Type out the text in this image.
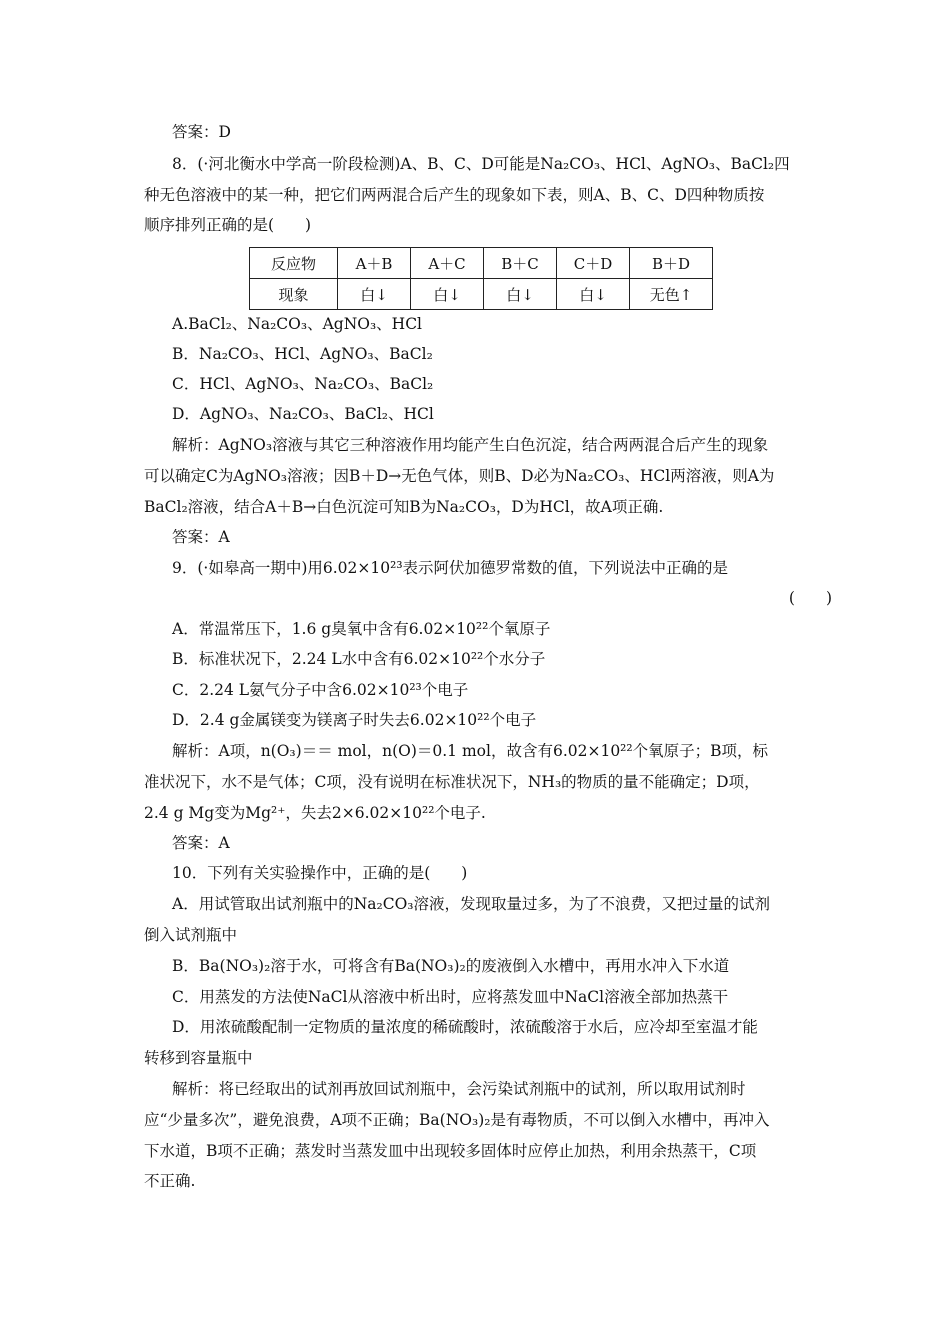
答案：D
8．(·河北衡水中学高一阶段检测)A、B、C、D可能是Na₂CO₃、HCl、AgNO₃、BaCl₂四
种无色溶液中的某一种，把它们两两混合后产生的现象如下表，则A、B、C、D四种物质按
顺序排列正确的是(　　)
反应物	A＋B	A＋C	B＋C	C＋D	B＋D
现象	白↓	白↓	白↓	白↓	无色↑
A.BaCl₂、Na₂CO₃、AgNO₃、HCl
B．Na₂CO₃、HCl、AgNO₃、BaCl₂
C．HCl、AgNO₃、Na₂CO₃、BaCl₂
D．AgNO₃、Na₂CO₃、BaCl₂、HCl
解析：AgNO₃溶液与其它三种溶液作用均能产生白色沉淀，结合两两混合后产生的现象
可以确定C为AgNO₃溶液；因B＋D→无色气体，则B、D必为Na₂CO₃、HCl两溶液，则A为
BaCl₂溶液，结合A＋B→白色沉淀可知B为Na₂CO₃，D为HCl，故A项正确.
答案：A
9．(·如皋高一期中)用6.02×10²³表示阿伏加德罗常数的值，下列说法中正确的是
(　　)
A．常温常压下，1.6 g臭氧中含有6.02×10²²个氧原子
B．标准状况下，2.24 L水中含有6.02×10²²个水分子
C．2.24 L氨气分子中含6.02×10²³个电子
D．2.4 g金属镁变为镁离子时失去6.02×10²²个电子
解析：A项，n(O₃)＝＝ mol，n(O)＝0.1 mol，故含有6.02×10²²个氧原子；B项，标
准状况下，水不是气体；C项，没有说明在标准状况下，NH₃的物质的量不能确定；D项，
2.4 g Mg变为Mg²⁺，失去2×6.02×10²²个电子.
答案：A
10．下列有关实验操作中，正确的是(　　)
A．用试管取出试剂瓶中的Na₂CO₃溶液，发现取量过多，为了不浪费，又把过量的试剂
倒入试剂瓶中
B．Ba(NO₃)₂溶于水，可将含有Ba(NO₃)₂的废液倒入水槽中，再用水冲入下水道
C．用蒸发的方法使NaCl从溶液中析出时，应将蒸发皿中NaCl溶液全部加热蒸干
D．用浓硫酸配制一定物质的量浓度的稀硫酸时，浓硫酸溶于水后，应冷却至室温才能
转移到容量瓶中
解析：将已经取出的试剂再放回试剂瓶中，会污染试剂瓶中的试剂，所以取用试剂时
应“少量多次”，避免浪费，A项不正确；Ba(NO₃)₂是有毒物质，不可以倒入水槽中，再冲入
下水道，B项不正确；蒸发时当蒸发皿中出现较多固体时应停止加热，利用余热蒸干，C项
不正确.
